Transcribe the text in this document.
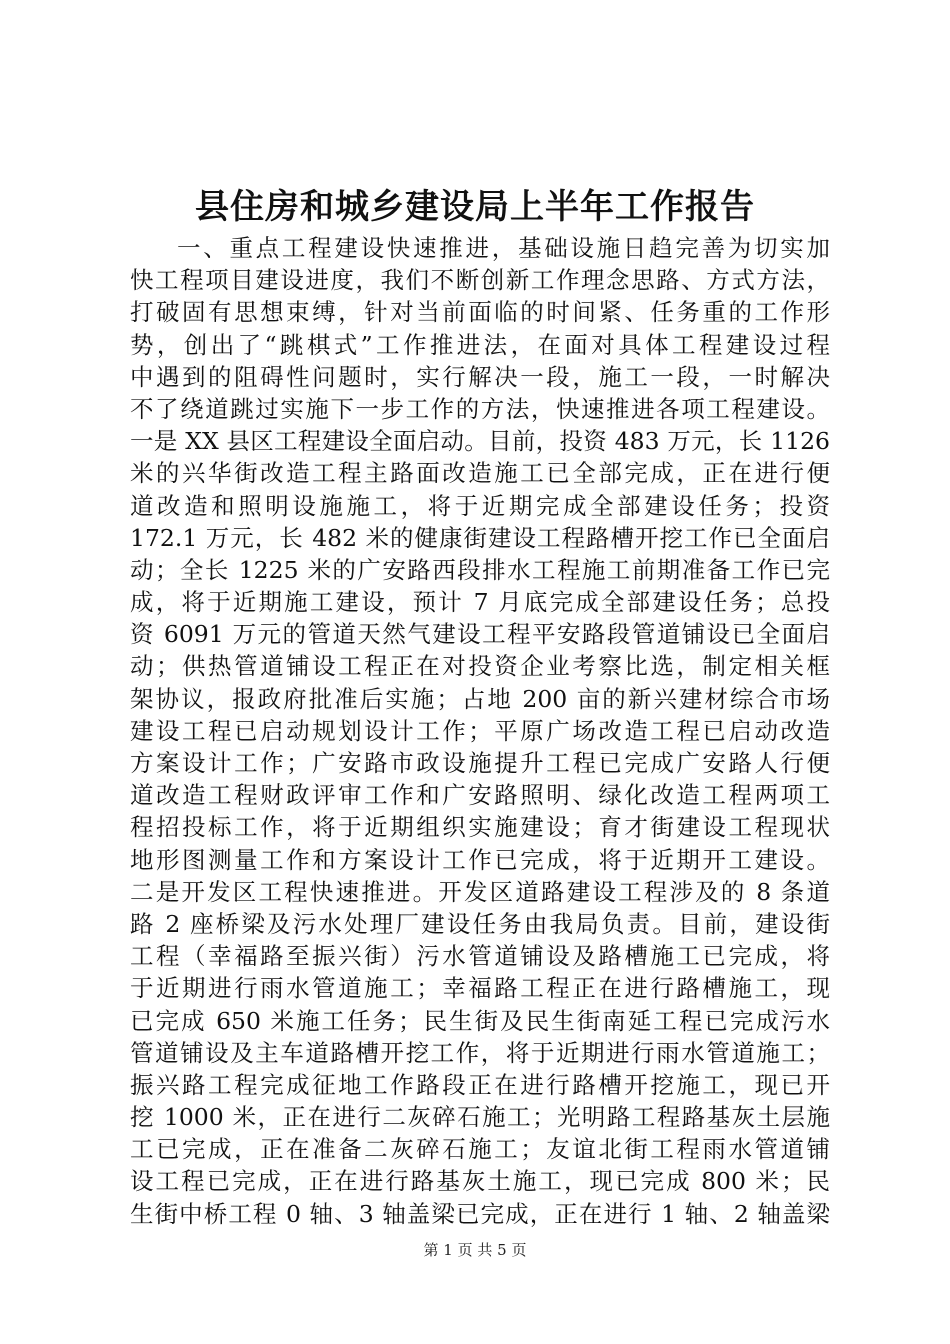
县住房和城乡建设局上半年工作报告
一、重点工程建设快速推进，基础设施日趋完善为切实加
快工程项目建设进度，我们不断创新工作理念思路、方式方法，
打破固有思想束缚，针对当前面临的时间紧、任务重的工作形
势，创出了“跳棋式”工作推进法，在面对具体工程建设过程
中遇到的阻碍性问题时，实行解决一段，施工一段，一时解决
不了绕道跳过实施下一步工作的方法，快速推进各项工程建设。
一是 XX 县区工程建设全面启动。目前，投资 483 万元，长 1126
米的兴华街改造工程主路面改造施工已全部完成，正在进行便
道改造和照明设施施工，将于近期完成全部建设任务；投资
172.1 万元，长 482 米的健康街建设工程路槽开挖工作已全面启
动；全长 1225 米的广安路西段排水工程施工前期准备工作已完
成，将于近期施工建设，预计 7 月底完成全部建设任务；总投
资 6091 万元的管道天然气建设工程平安路段管道铺设已全面启
动；供热管道铺设工程正在对投资企业考察比选，制定相关框
架协议，报政府批准后实施；占地 200 亩的新兴建材综合市场
建设工程已启动规划设计工作；平原广场改造工程已启动改造
方案设计工作；广安路市政设施提升工程已完成广安路人行便
道改造工程财政评审工作和广安路照明、绿化改造工程两项工
程招投标工作，将于近期组织实施建设；育才街建设工程现状
地形图测量工作和方案设计工作已完成，将于近期开工建设。
二是开发区工程快速推进。开发区道路建设工程涉及的 8 条道
路 2 座桥梁及污水处理厂建设任务由我局负责。目前，建设街
工程（幸福路至振兴街）污水管道铺设及路槽施工已完成，将
于近期进行雨水管道施工；幸福路工程正在进行路槽施工，现
已完成 650 米施工任务；民生街及民生街南延工程已完成污水
管道铺设及主车道路槽开挖工作，将于近期进行雨水管道施工；
振兴路工程完成征地工作路段正在进行路槽开挖施工，现已开
挖 1000 米，正在进行二灰碎石施工；光明路工程路基灰土层施
工已完成，正在准备二灰碎石施工；友谊北街工程雨水管道铺
设工程已完成，正在进行路基灰土施工，现已完成 800 米；民
生街中桥工程 0 轴、3 轴盖梁已完成，正在进行 1 轴、2 轴盖梁
第 1 页 共 5 页
